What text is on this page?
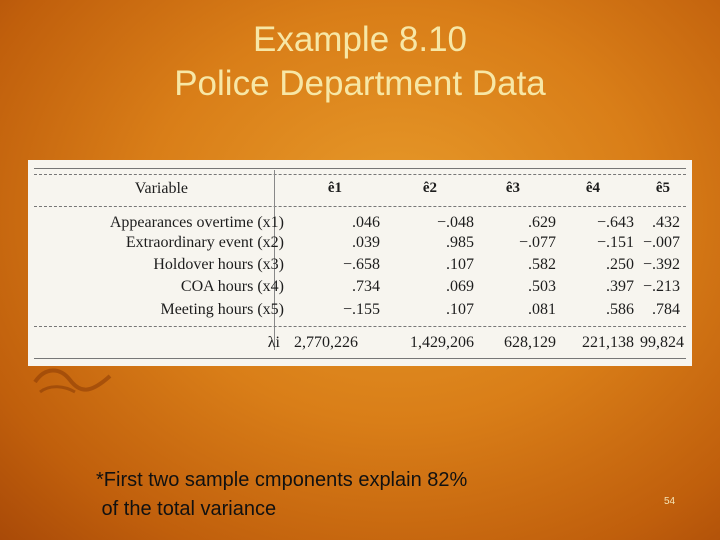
Example 8.10
Police Department Data
Variable	ê1	ê2	ê3	ê4	ê5
Appearances overtime (x1)	.046	−.048	.629	−.643 .432
Extraordinary event (x2)	.039	.985	−.077	−.151 −.007
Holdover hours (x3)	−.658	.107	.582	.250 −.392
COA hours (x4)	.734	.069	.503	.397 −.213
Meeting hours (x5)	−.155	.107	.081	.586 .784
λi 2,770,226	1,429,206 628,129 221,138 99,824
*First two sample cmponents explain 82%
of the total variance	54
